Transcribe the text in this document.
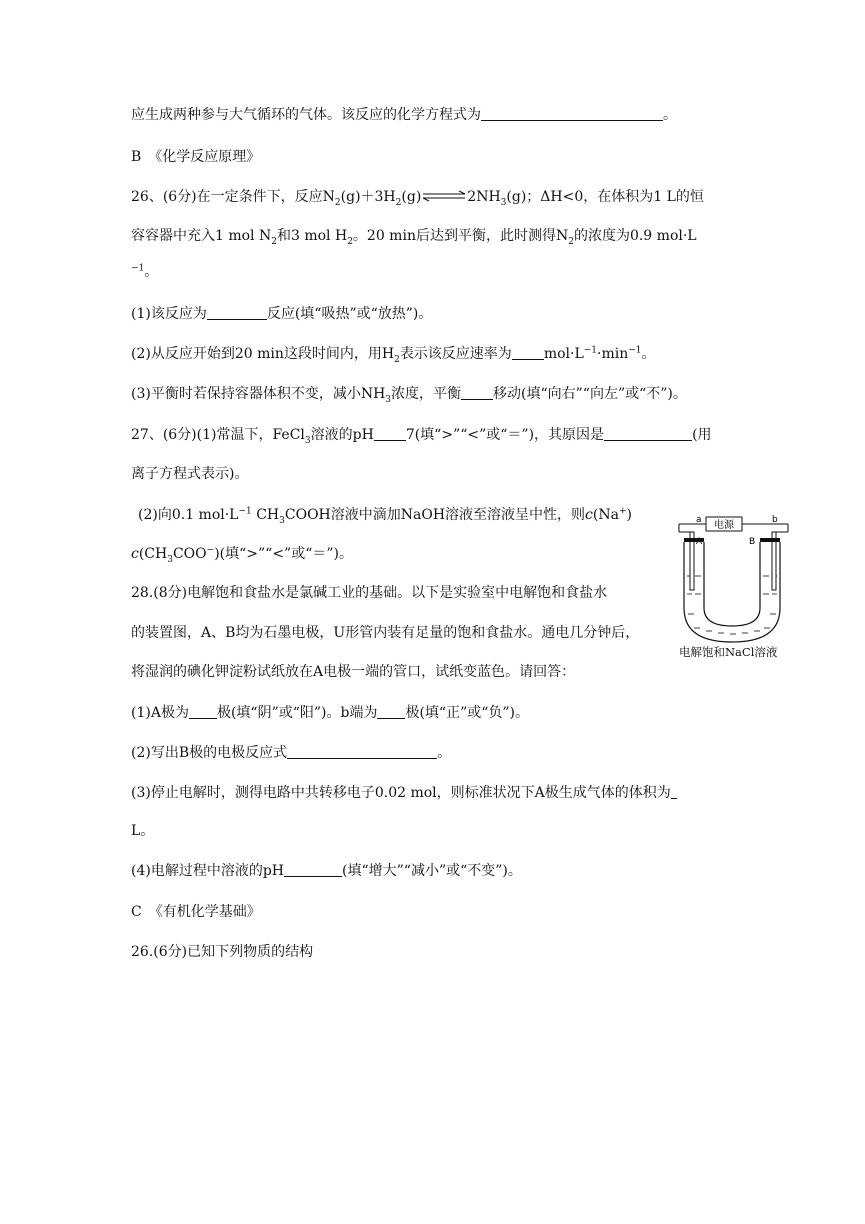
应生成两种参与大气循环的气体。该反应的化学方程式为	。
B　《化学反应原理》
26、(6分)在一定条件下，反应$N_2(g)+3H_2(g)\rightleftharpoons 2NH_3(g)$；ΔH<0，在体积为1 L的恒
容容器中充入1 mol $N_2$和3 mol $H_2$。20 min后达到平衡，此时测得$N_2$的浓度为0.9 mol·L
$^{-1}$。
(1)该反应为	反应(填“吸热”或“放热”)。
(2)从反应开始到20 min这段时间内，用$H_2$表示该反应速率为 $mol\cdot L^{-1}\cdot\min^{-1}$。
(3)平衡时若保持容器体积不变，减小$NH_3$浓度，平衡 移动(填“向右”“向左”或“不”)。
27、(6分)(1)常温下，FeCl$_3$溶液的pH 7(填“>”“<”或“＝”)，其原因是	(用
离子方程式表示)。
(2)向0.1 $mol\cdot L^{-1}$ $CH_3COOH$溶液中滴加NaOH溶液至溶液呈中性，则c(Na+)
$c(CH_3COO^-)$(填“>”“<”或“＝”)。
28.(8分)电解饱和食盐水是氯碱工业的基础。以下是实验室中电解饱和食盐水
的装置图，A、B均为石墨电极，U形管内装有足量的饱和食盐水。通电几分钟后，
将湿润的碘化钾淀粉试纸放在A电极一端的管口，试纸变蓝色。请回答：
(1)A极为 极(填“阴”或“阳”)。b端为 极(填“正”或“负”)。
(2)写出B极的电极反应式	。
(3)停止电解时，测得电路中共转移电子0.02 mol，则标准状况下A极生成气体的体积为
L。
(4)电解过程中溶液的pH	(填“增大”“减小”或“不变”)。
C　《有机化学基础》
26.(6分)已知下列物质的结构
电源
a	b
B
电解饱和NaCl溶液
